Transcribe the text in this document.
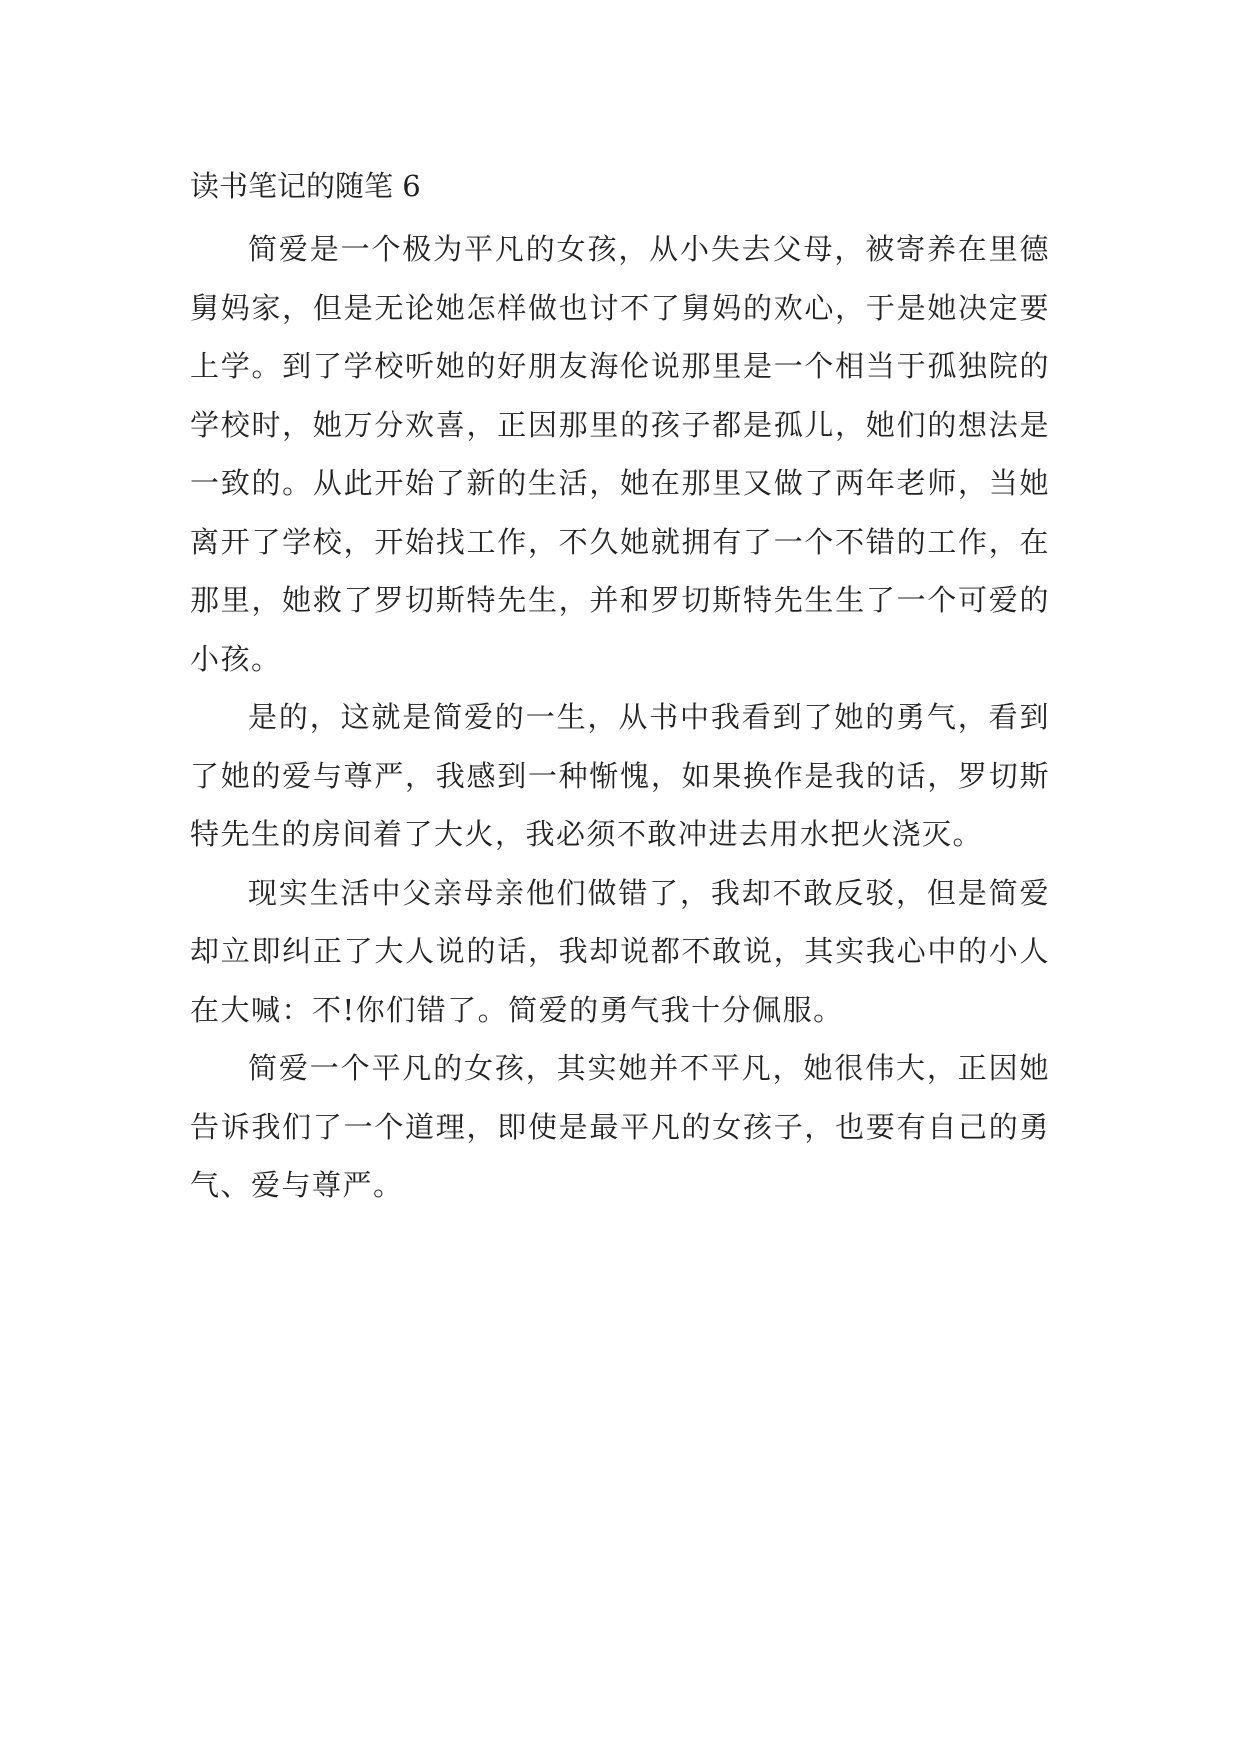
读书笔记的随笔 6

简爱是一个极为平凡的女孩，从小失去父母，被寄养在里德舅妈家，但是无论她怎样做也讨不了舅妈的欢心，于是她决定要上学。到了学校听她的好朋友海伦说那里是一个相当于孤独院的学校时，她万分欢喜，正因那里的孩子都是孤儿，她们的想法是一致的。从此开始了新的生活，她在那里又做了两年老师，当她离开了学校，开始找工作，不久她就拥有了一个不错的工作，在那里，她救了罗切斯特先生，并和罗切斯特先生生了一个可爱的小孩。

是的，这就是简爱的一生，从书中我看到了她的勇气，看到了她的爱与尊严，我感到一种惭愧，如果换作是我的话，罗切斯特先生的房间着了大火，我必须不敢冲进去用水把火浇灭。

现实生活中父亲母亲他们做错了，我却不敢反驳，但是简爱却立即纠正了大人说的话，我却说都不敢说，其实我心中的小人在大喊：不!你们错了。简爱的勇气我十分佩服。

简爱一个平凡的女孩，其实她并不平凡，她很伟大，正因她告诉我们了一个道理，即使是最平凡的女孩子，也要有自己的勇气、爱与尊严。
